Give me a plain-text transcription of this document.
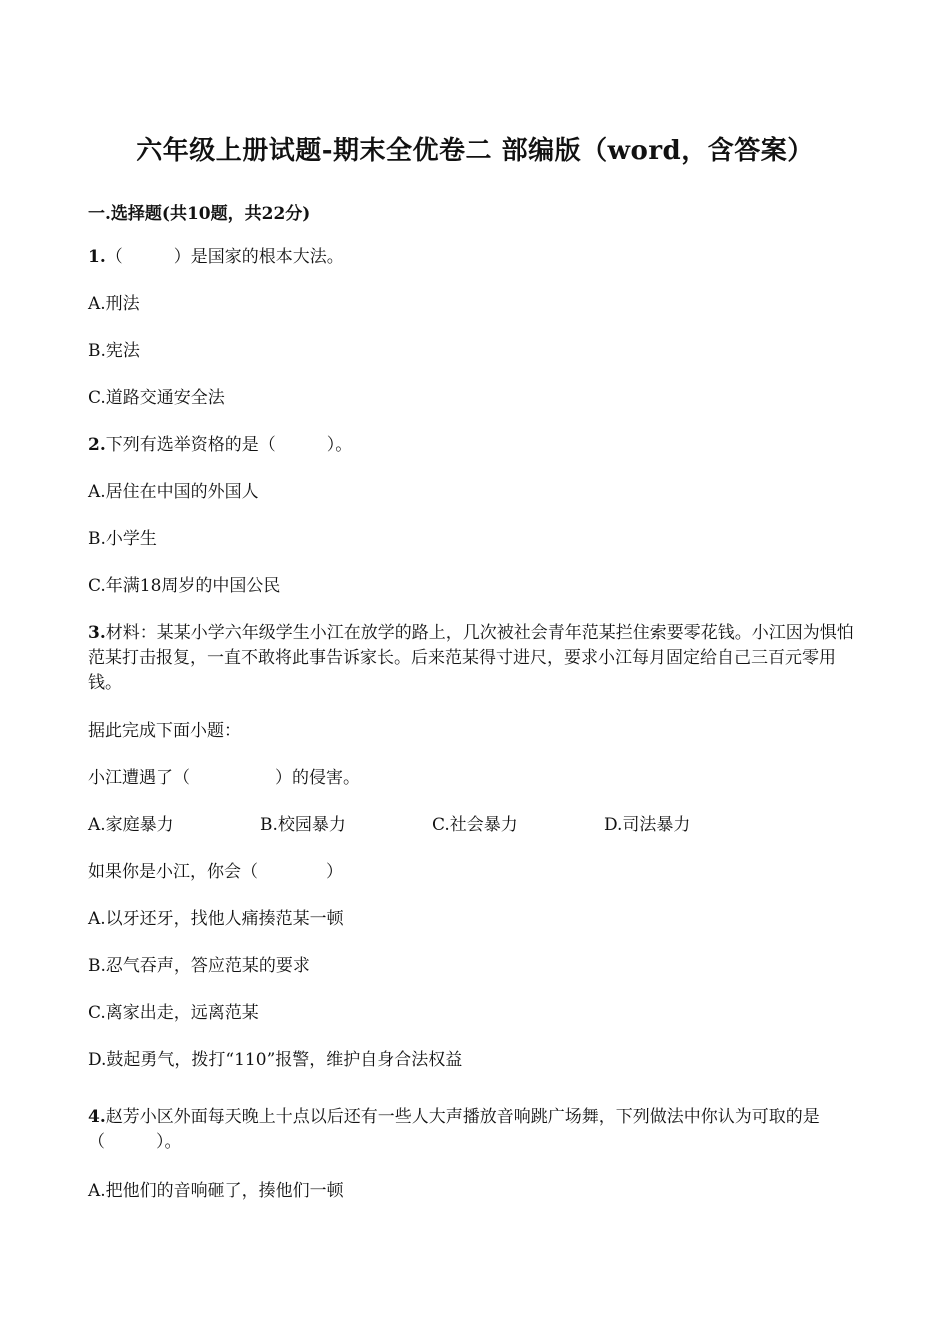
六年级上册试题-期末全优卷二 部编版（word，含答案）
一.选择题(共10题，共22分)
1.（　　　）是国家的根本大法。
A.刑法
B.宪法
C.道路交通安全法
2.下列有选举资格的是（　　　）。
A.居住在中国的外国人
B.小学生
C.年满18周岁的中国公民
3.材料：某某小学六年级学生小江在放学的路上，几次被社会青年范某拦住索要零花钱。小江因为惧怕范某打击报复，一直不敢将此事告诉家长。后来范某得寸进尺，要求小江每月固定给自己三百元零用钱。
据此完成下面小题：
小江遭遇了（　　　　　）的侵害。
A.家庭暴力	B.校园暴力	C.社会暴力	D.司法暴力
如果你是小江，你会（　　　　）
A.以牙还牙，找他人痛揍范某一顿
B.忍气吞声，答应范某的要求
C.离家出走，远离范某
D.鼓起勇气，拨打“110”报警，维护自身合法权益
4.赵芳小区外面每天晚上十点以后还有一些人大声播放音响跳广场舞，下列做法中你认为可取的是（　　　）。
A.把他们的音响砸了，揍他们一顿
